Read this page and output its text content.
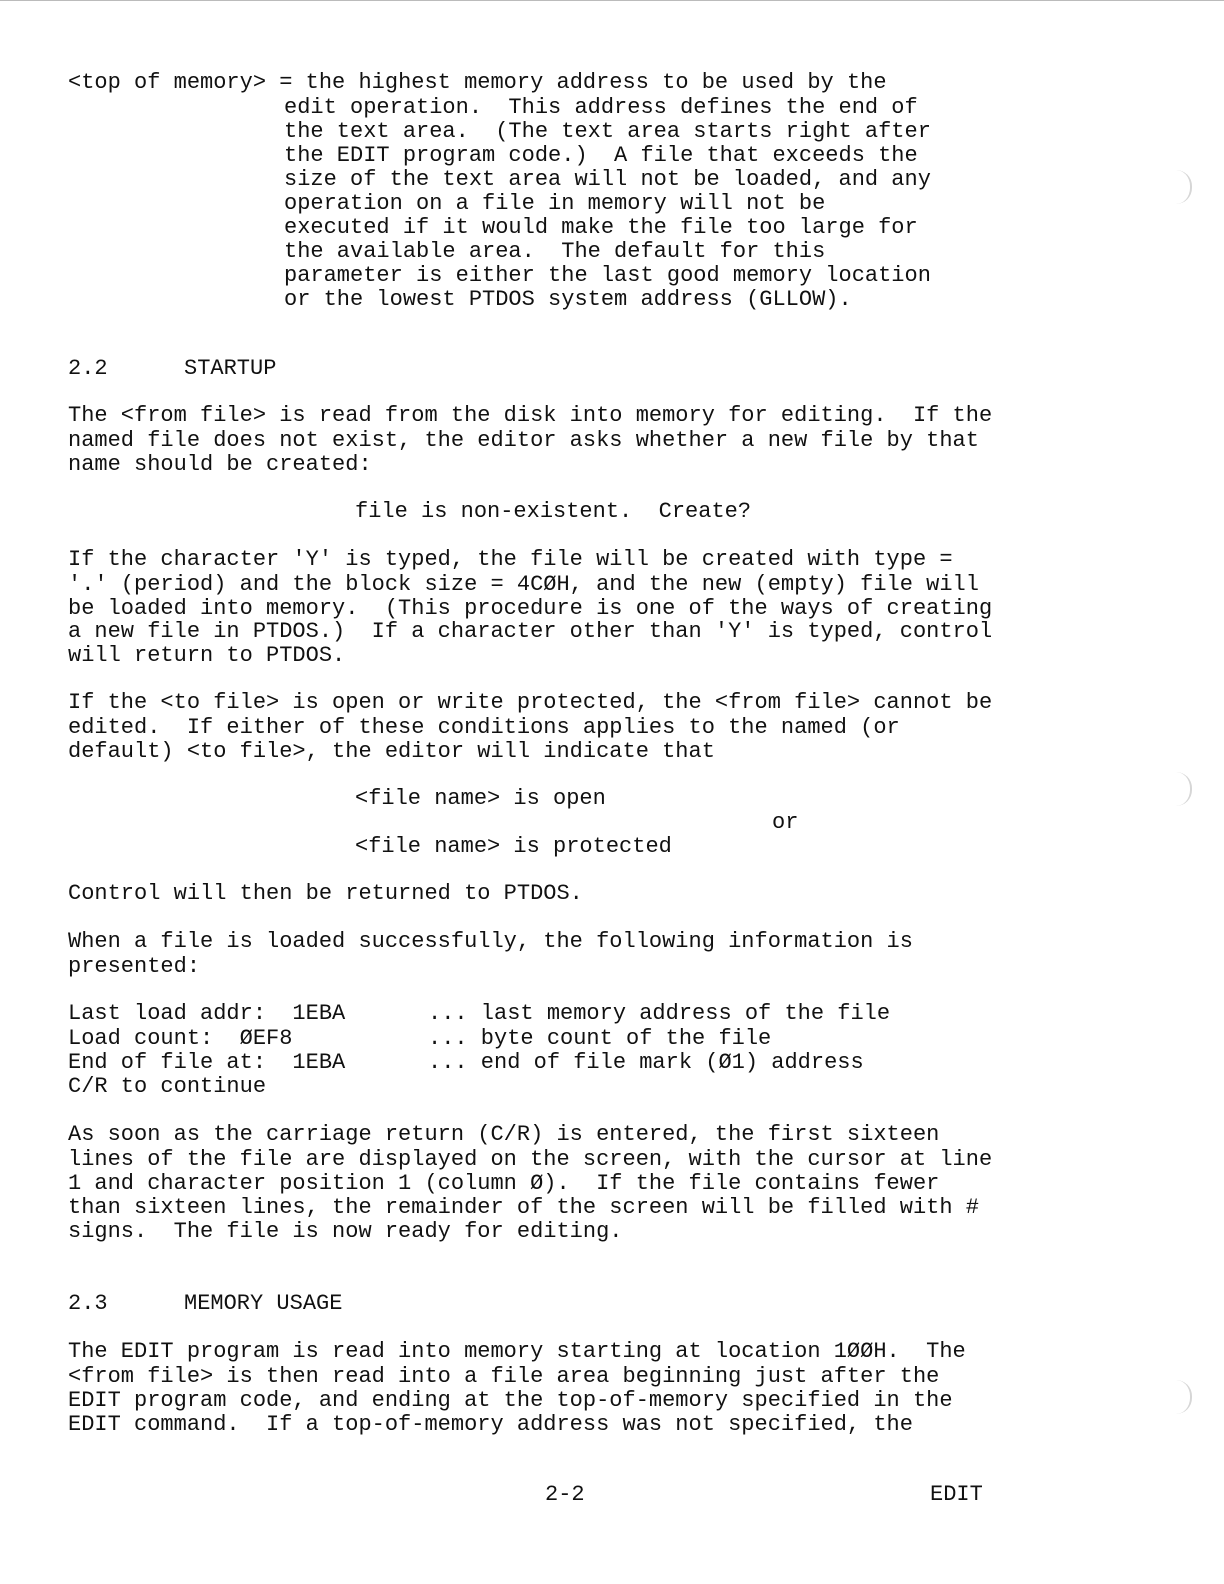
<top of memory> = the highest memory address to be used by the
edit operation.  This address defines the end of
the text area.  (The text area starts right after
the EDIT program code.)  A file that exceeds the
size of the text area will not be loaded, and any
operation on a file in memory will not be
executed if it would make the file too large for
the available area.  The default for this
parameter is either the last good memory location
or the lowest PTDOS system address (GLLOW).
2.2	STARTUP
The <from file> is read from the disk into memory for editing.  If the
named file does not exist, the editor asks whether a new file by that
name should be created:
file is non-existent.  Create?
If the character 'Y' is typed, the file will be created with type =
'.' (period) and the block size = 4CØH, and the new (empty) file will
be loaded into memory.  (This procedure is one of the ways of creating
a new file in PTDOS.)  If a character other than 'Y' is typed, control
will return to PTDOS.
If the <to file> is open or write protected, the <from file> cannot be
edited.  If either of these conditions applies to the named (or
default) <to file>, the editor will indicate that
<file name> is open
or
<file name> is protected
Control will then be returned to PTDOS.
When a file is loaded successfully, the following information is
presented:
Last load addr:  1EBA	... last memory address of the file
Load count:  ØEF8	... byte count of the file
End of file at:  1EBA	... end of file mark (Ø1) address
C/R to continue
As soon as the carriage return (C/R) is entered, the first sixteen
lines of the file are displayed on the screen, with the cursor at line
1 and character position 1 (column Ø).  If the file contains fewer
than sixteen lines, the remainder of the screen will be filled with #
signs.  The file is now ready for editing.
2.3	MEMORY USAGE
The EDIT program is read into memory starting at location 1ØØH.  The
<from file> is then read into a file area beginning just after the
EDIT program code, and ending at the top-of-memory specified in the
EDIT command.  If a top-of-memory address was not specified, the
2-2	EDIT
